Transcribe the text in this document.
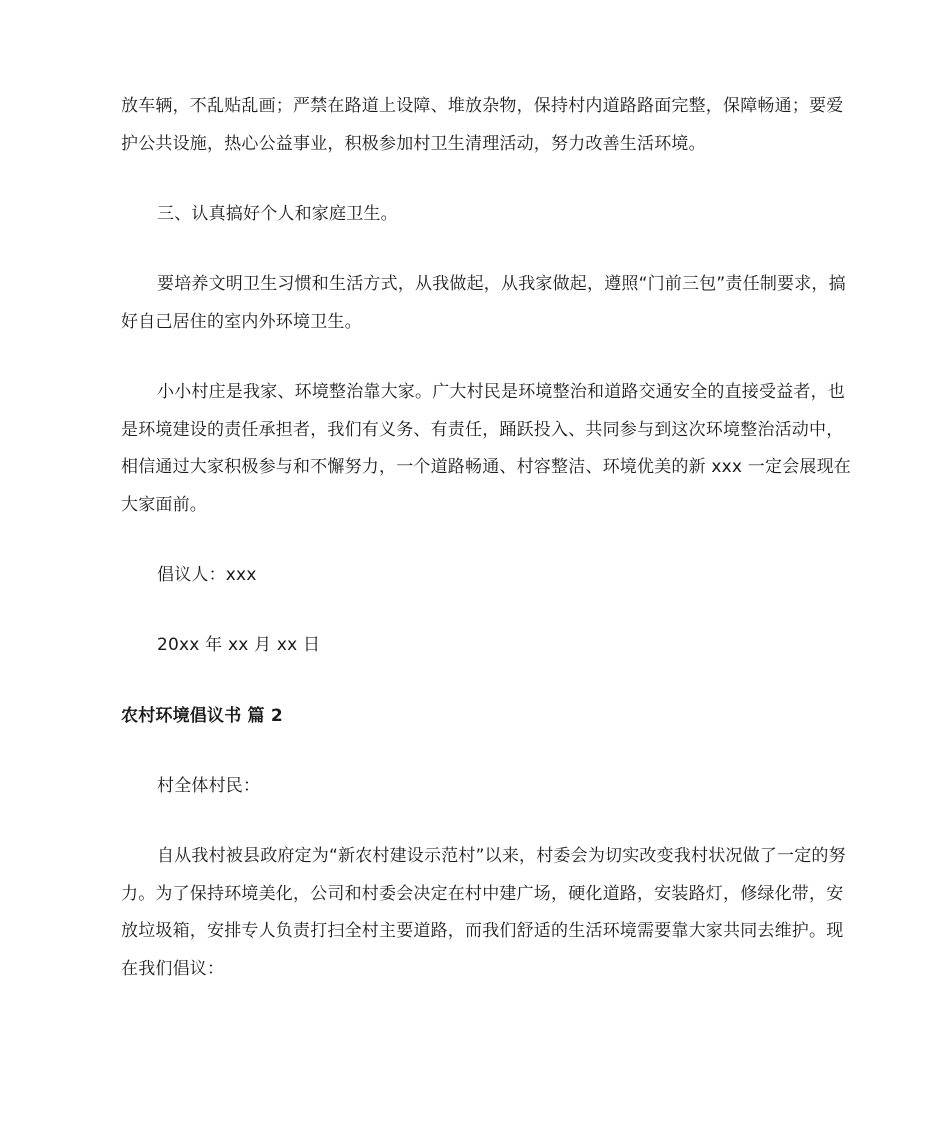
放车辆，不乱贴乱画；严禁在路道上设障、堆放杂物，保持村内道路路面完整，保障畅通；要爱护公共设施，热心公益事业，积极参加村卫生清理活动，努力改善生活环境。

三、认真搞好个人和家庭卫生。

要培养文明卫生习惯和生活方式，从我做起，从我家做起，遵照“门前三包”责任制要求，搞好自己居住的室内外环境卫生。

小小村庄是我家、环境整治靠大家。广大村民是环境整治和道路交通安全的直接受益者，也是环境建设的责任承担者，我们有义务、有责任，踊跃投入、共同参与到这次环境整治活动中，相信通过大家积极参与和不懈努力，一个道路畅通、村容整洁、环境优美的新 xxx 一定会展现在大家面前。

倡议人：xxx

20xx 年 xx 月 xx 日

农村环境倡议书 篇 2

村全体村民：

自从我村被县政府定为“新农村建设示范村”以来，村委会为切实改变我村状况做了一定的努力。为了保持环境美化，公司和村委会决定在村中建广场，硬化道路，安装路灯，修绿化带，安放垃圾箱，安排专人负责打扫全村主要道路，而我们舒适的生活环境需要靠大家共同去维护。现在我们倡议：
